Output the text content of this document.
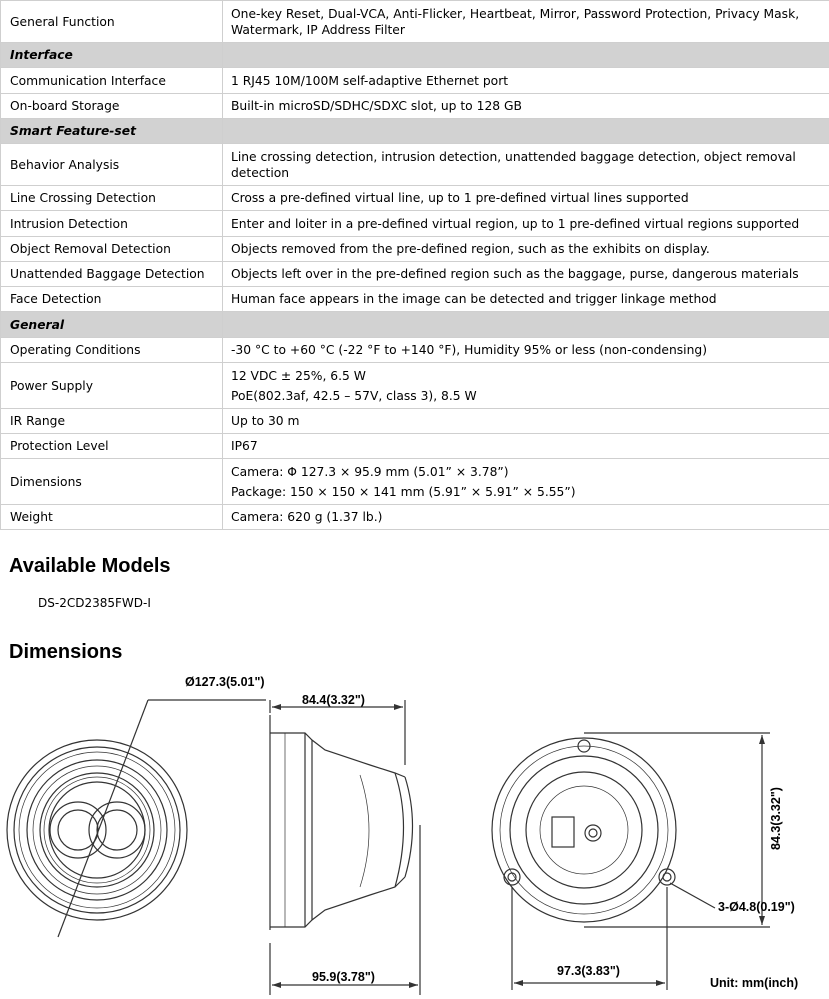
General Function	One-key Reset, Dual-VCA, Anti-Flicker, Heartbeat, Mirror, Password Protection, Privacy Mask, Watermark, IP Address Filter
Interface	
Communication Interface	1 RJ45 10M/100M self-adaptive Ethernet port
On-board Storage	Built-in microSD/SDHC/SDXC slot, up to 128 GB
Smart Feature-set	
Behavior Analysis	Line crossing detection, intrusion detection, unattended baggage detection, object removal detection
Line Crossing Detection	Cross a pre-defined virtual line, up to 1 pre-defined virtual lines supported
Intrusion Detection	Enter and loiter in a pre-defined virtual region, up to 1 pre-defined virtual regions supported
Object Removal Detection	Objects removed from the pre-defined region, such as the exhibits on display.
Unattended Baggage Detection	Objects left over in the pre-defined region such as the baggage, purse, dangerous materials
Face Detection	Human face appears in the image can be detected and trigger linkage method
General	
Operating Conditions	-30 °C to +60 °C (-22 °F to +140 °F), Humidity 95% or less (non-condensing)
Power Supply	12 VDC ± 25%, 6.5 W
PoE(802.3af, 42.5 – 57V, class 3), 8.5 W

IR Range	Up to 30 m
Protection Level	IP67
Dimensions	Camera: Φ 127.3 × 95.9 mm (5.01” × 3.78”)
Package: 150 × 150 × 141 mm (5.91” × 5.91” × 5.55”)

Weight	Camera: 620 g (1.37 lb.)
Available Models
DS-2CD2385FWD-I
Dimensions
Ø127.3(5.01")
84.4(3.32")
95.9(3.78")
84.3(3.32")
97.3(3.83")
3-Ø4.8(0.19")
Unit: mm(inch)
